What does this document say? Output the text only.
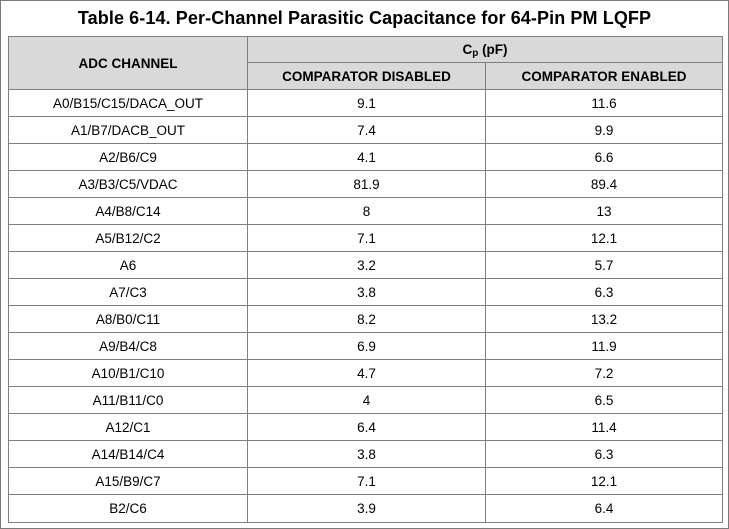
Table 6-14. Per-Channel Parasitic Capacitance for 64-Pin PM LQFP
ADC CHANNEL	$C_p$ (pF)	
	COMPARATOR DISABLED	COMPARATOR ENABLED
A0/B15/C15/DACA_OUT	9.1	11.6
A1/B7/DACB_OUT	7.4	9.9
A2/B6/C9	4.1	6.6
A3/B3/C5/VDAC	81.9	89.4
A4/B8/C14	8	13
A5/B12/C2	7.1	12.1
A6	3.2	5.7
A7/C3	3.8	6.3
A8/B0/C11	8.2	13.2
A9/B4/C8	6.9	11.9
A10/B1/C10	4.7	7.2
A11/B11/C0	4	6.5
A12/C1	6.4	11.4
A14/B14/C4	3.8	6.3
A15/B9/C7	7.1	12.1
B2/C6	3.9	6.4
